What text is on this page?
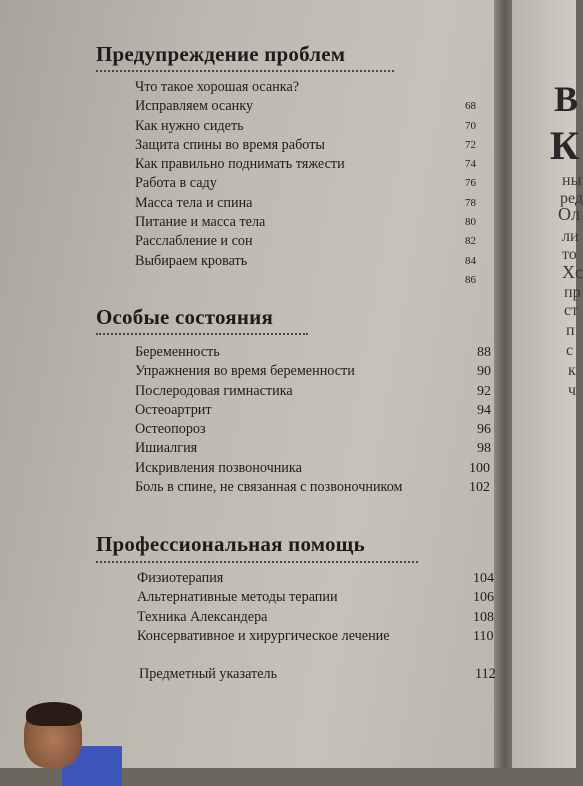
В
К
ны
ред
Ол
ли
то
Хс
пр
ст
п
с
к
ч
Предупреждение проблем
Что такое хорошая осанка?
Исправляем осанку	68
Как нужно сидеть	70
Защита спины во время работы	72
Как правильно поднимать тяжести	74
Работа в саду	76
Масса тела и спина	78
Питание и масса тела	80
Расслабление и сон	82
Выбираем кровать	84
86
Особые состояния
Беременность	88
Упражнения во время беременности	90
Послеродовая гимнастика	92
Остеоартрит	94
Остеопороз	96
Ишиалгия	98
Искривления позвоночника	100
Боль в спине, не связанная с позвоночником	102
Профессиональная помощь
Физиотерапия	104
Альтернативные методы терапии	106
Техника Александера	108
Консервативное и хирургическое лечение	110
Предметный указатель	112
